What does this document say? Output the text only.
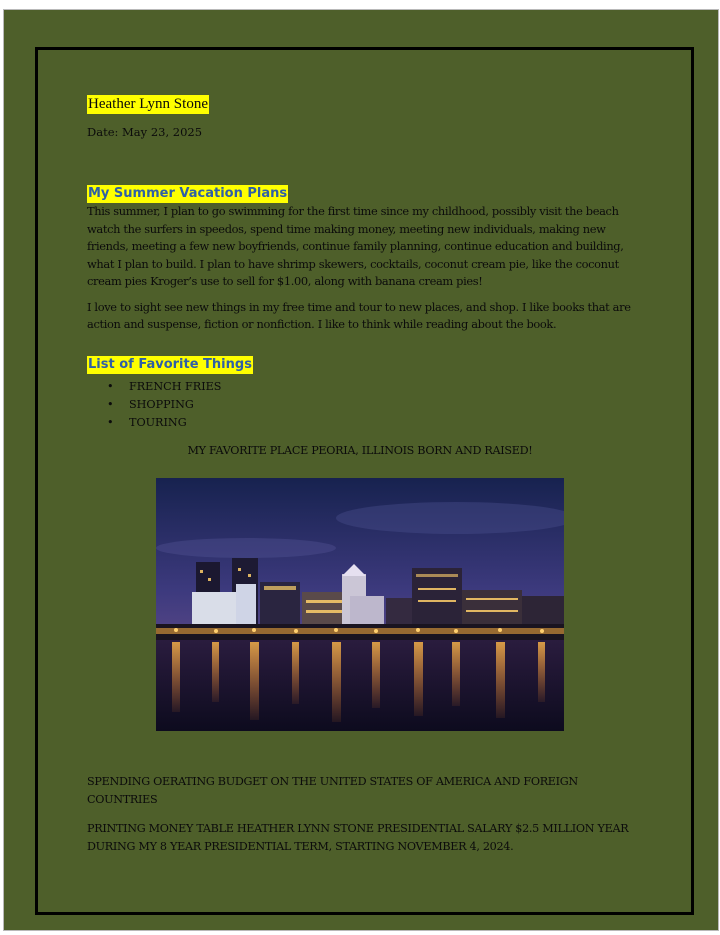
Heather Lynn Stone
Date: May 23, 2025
My Summer Vacation Plans

This summer, I plan to go swimming for the first time since my childhood, possibly visit the beach watch the surfers in speedos, spend time making money, meeting new individuals, making new friends, meeting a few new boyfriends, continue family planning, continue education and building, what I plan to build. I plan to have shrimp skewers, cocktails, coconut cream pie, like the coconut cream pies Kroger’s use to sell for $1.00, along with banana cream pies!

I love to sight see new things in my free time and tour to new places, and shop. I like books that are action and suspense, fiction or nonfiction. I like to think while reading about the book.

List of Favorite Things
• FRENCH FRIES
• SHOPPING
• TOURING
MY FAVORITE PLACE PEORIA, ILLINOIS BORN AND RAISED!

SPENDING OERATING BUDGET ON THE UNITED STATES OF AMERICA AND FOREIGN COUNTRIES

PRINTING MONEY TABLE HEATHER LYNN STONE PRESIDENTIAL SALARY $2.5 MILLION YEAR DURING MY 8 YEAR PRESIDENTIAL TERM, STARTING NOVEMBER 4, 2024.
